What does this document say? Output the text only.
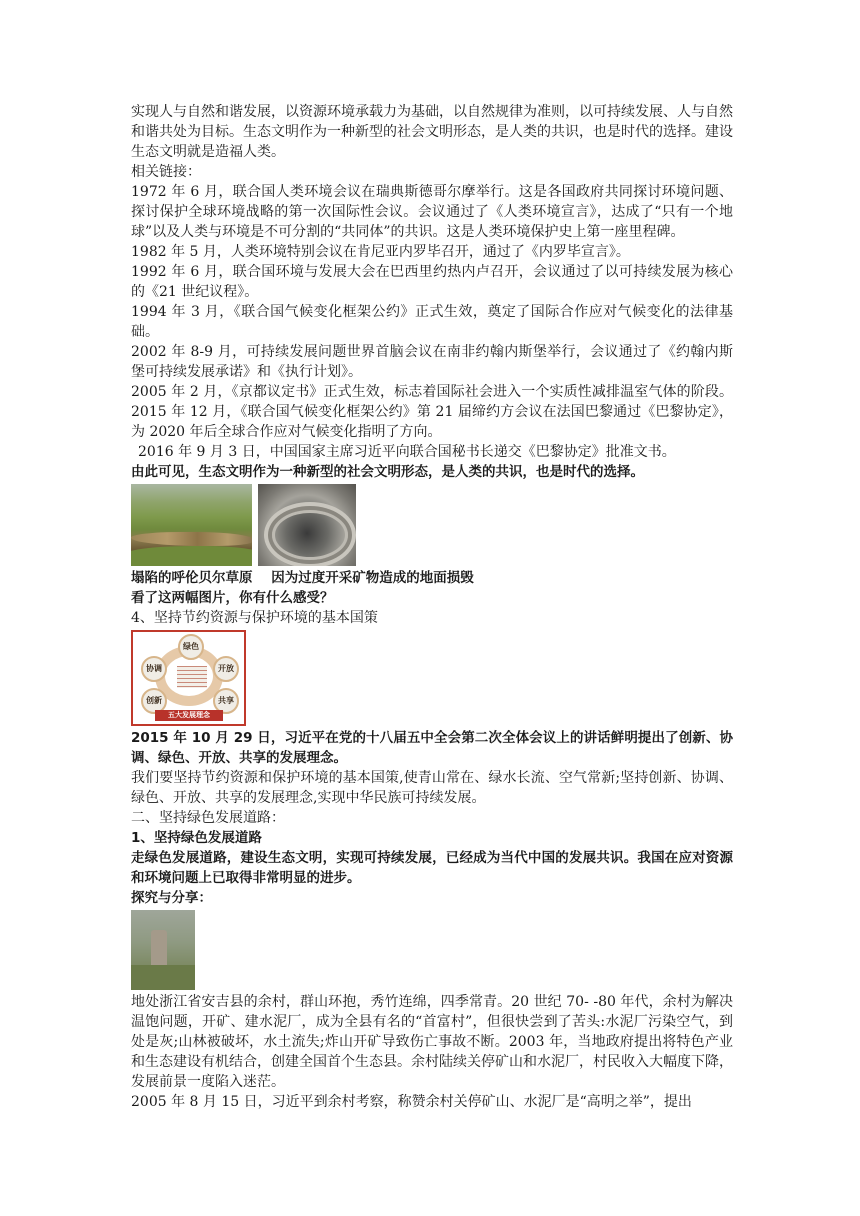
实现人与自然和谐发展，以资源环境承载力为基础，以自然规律为准则，以可持续发展、人与自然和谐共处为目标。生态文明作为一种新型的社会文明形态，是人类的共识，也是时代的选择。建设生态文明就是造福人类。

相关链接：

1972 年 6 月，联合国人类环境会议在瑞典斯德哥尔摩举行。这是各国政府共同探讨环境问题、探讨保护全球环境战略的第一次国际性会议。会议通过了《人类环境宣言》，达成了“只有一个地球”以及人类与环境是不可分割的“共同体”的共识。这是人类环境保护史上第一座里程碑。

1982 年 5 月，人类环境特别会议在肯尼亚内罗毕召开，通过了《内罗毕宣言》。

1992 年 6 月，联合国环境与发展大会在巴西里约热内卢召开，会议通过了以可持续发展为核心的《21 世纪议程》。

1994 年 3 月，《联合国气候变化框架公约》正式生效，奠定了国际合作应对气候变化的法律基础。

2002 年 8-9 月，可持续发展问题世界首脑会议在南非约翰内斯堡举行，会议通过了《约翰内斯堡可持续发展承诺》和《执行计划》。

2005 年 2 月，《京都议定书》正式生效，标志着国际社会进入一个实质性减排温室气体的阶段。 2015 年 12 月，《联合国气候变化框架公约》第 21 届缔约方会议在法国巴黎通过《巴黎协定》，为 2020 年后全球合作应对气候变化指明了方向。

2016 年 9 月 3 日，中国国家主席习近平向联合国秘书长递交《巴黎协定》批准文书。

由此可见，生态文明作为一种新型的社会文明形态，是人类的共识，也是时代的选择。

塌陷的呼伦贝尔草原    因为过度开采矿物造成的地面损毁

看了这两幅图片，你有什么感受？

4、坚持节约资源与保护环境的基本国策

绿色
开放
共享
创新
协调
五大发展理念

2015 年 10 月 29 日，习近平在党的十八届五中全会第二次全体会议上的讲话鲜明提出了创新、协调、绿色、开放、共享的发展理念。

我们要坚持节约资源和保护环境的基本国策,使青山常在、绿水长流、空气常新;坚持创新、协调、绿色、开放、共享的发展理念,实现中华民族可持续发展。

二、坚持绿色发展道路：

1、坚持绿色发展道路

走绿色发展道路，建设生态文明，实现可持续发展，已经成为当代中国的发展共识。我国在应对资源和环境问题上已取得非常明显的进步。

探究与分享：

地处浙江省安吉县的余村，群山环抱，秀竹连绵，四季常青。20 世纪 70- -80 年代，余村为解决温饱问题，开矿、建水泥厂，成为全县有名的“首富村”，但很快尝到了苦头:水泥厂污染空气，到处是灰;山林被破坏，水土流失;炸山开矿导致伤亡事故不断。2003 年，当地政府提出将特色产业和生态建设有机结合，创建全国首个生态县。余村陆续关停矿山和水泥厂，村民收入大幅度下降，发展前景一度陷入迷茫。

2005 年 8 月 15 日，习近平到余村考察，称赞余村关停矿山、水泥厂是“高明之举”，提出
